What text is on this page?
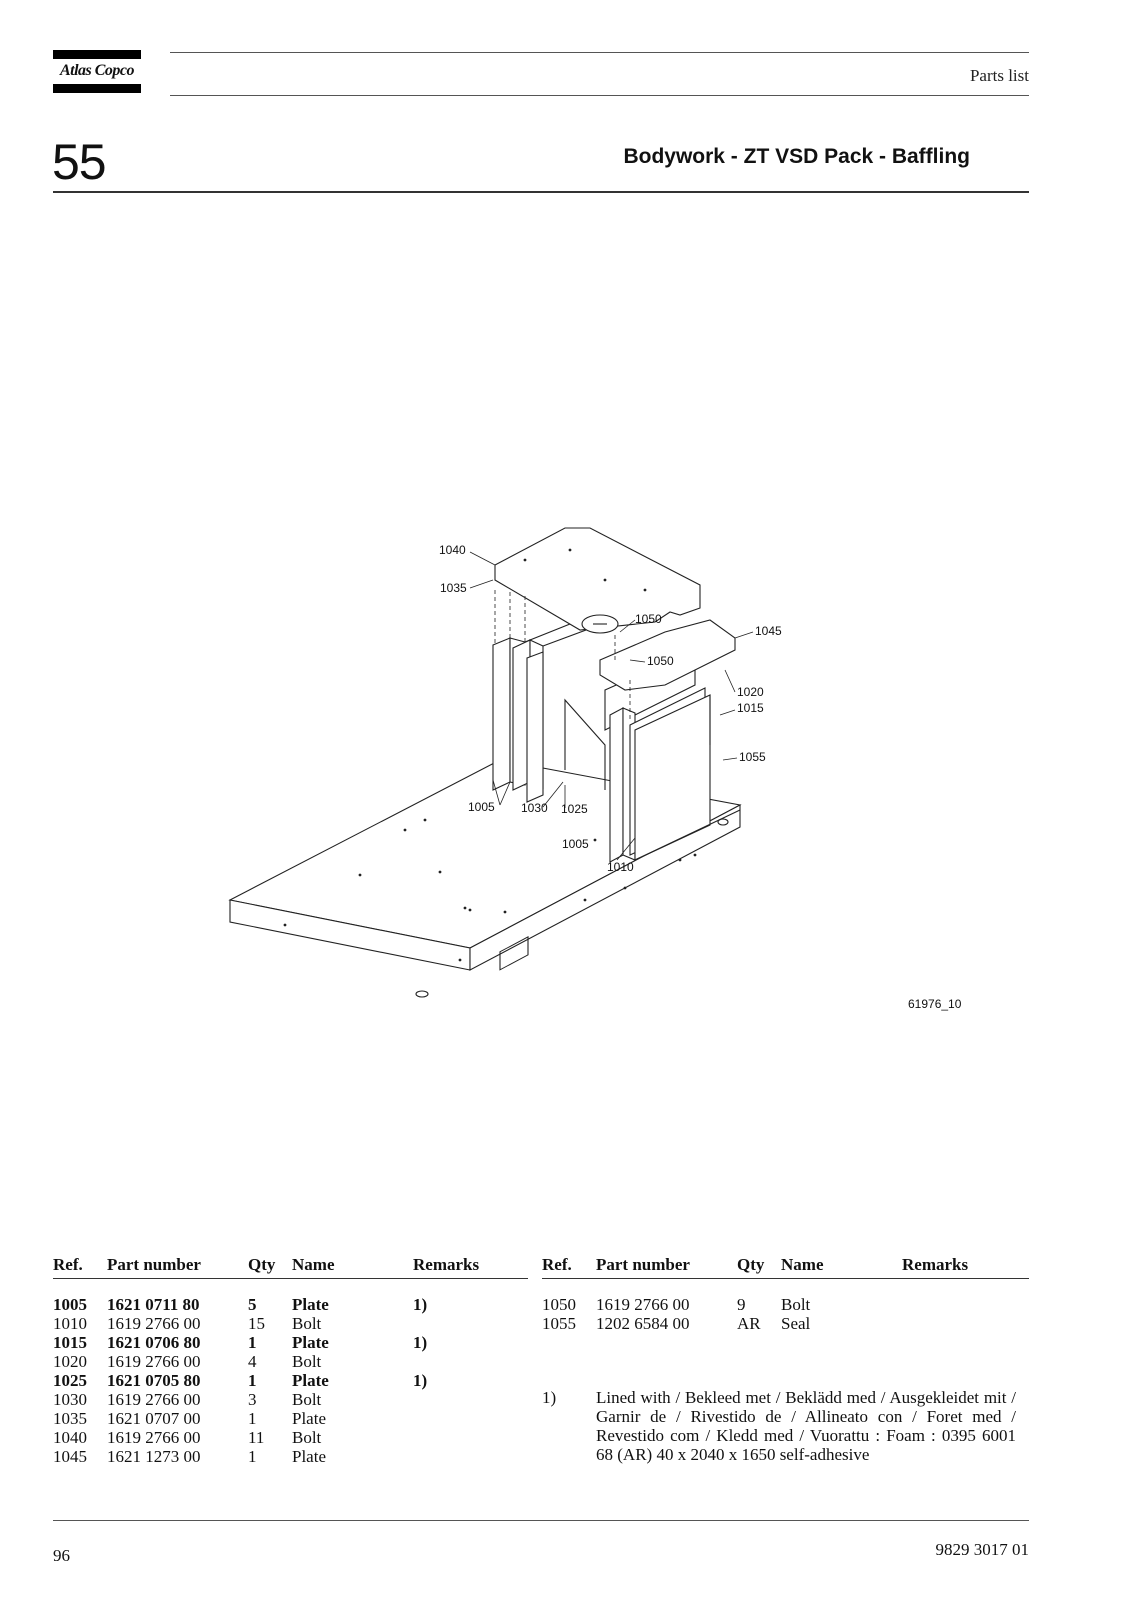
Atlas Copco	Parts list
55	Bodywork - ZT VSD Pack - Baffling
1040
1035
1050
1045
1050
1020
1015
1055
1005 1030 1025
1005
1010
61976_10
Ref. Part number	Qty Name	Remarks
1005 1621 0711 80	5 Plate	1)
1010 1619 2766 00	15 Bolt
1015 1621 0706 80	1 Plate	1)
1020 1619 2766 00	4 Bolt
1025 1621 0705 80	1 Plate	1)
1030 1619 2766 00	3 Bolt
1035 1621 0707 00	1 Plate
1040 1619 2766 00	11 Bolt
1045 1621 1273 00	1 Plate
Ref. Part number	Qty Name	Remarks
1050 1619 2766 00	9 Bolt
1055 1202 6584 00	AR Seal
1) Lined with / Bekleed met / Beklädd med / Ausgekleidet mit / Garnir de / Rivestido de / Allineato con / Foret med / Revestido com / Kledd med / Vuorattu : Foam : 0395 6001 68 (AR) 40 x 2040 x 1650 self-adhesive
96	9829 3017 01
